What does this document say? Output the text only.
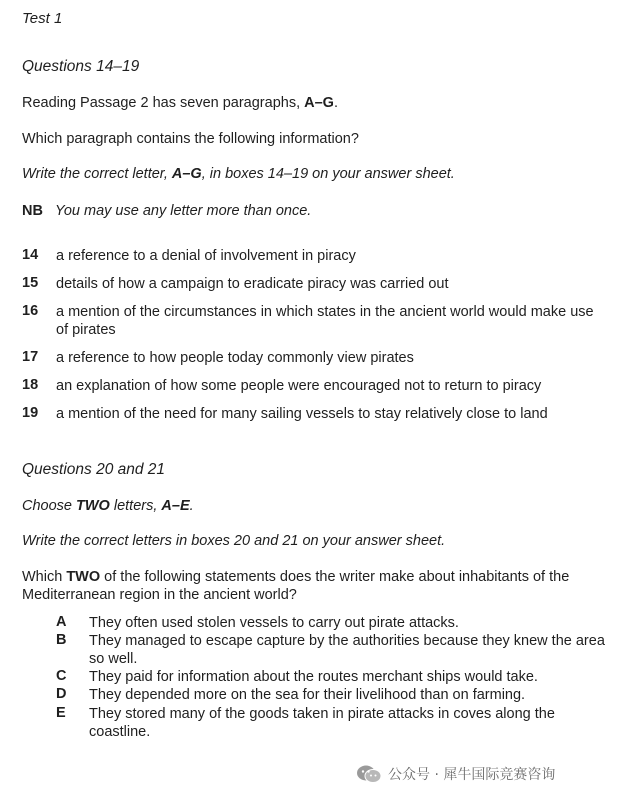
Test 1
Questions 14–19
Reading Passage 2 has seven paragraphs, A–G.
Which paragraph contains the following information?
Write the correct letter, A–G, in boxes 14–19 on your answer sheet.
NB You may use any letter more than once.
14 a reference to a denial of involvement in piracy
15 details of how a campaign to eradicate piracy was carried out
16 a mention of the circumstances in which states in the ancient world would make use of pirates
17 a reference to how people today commonly view pirates
18 an explanation of how some people were encouraged not to return to piracy
19 a mention of the need for many sailing vessels to stay relatively close to land
Questions 20 and 21
Choose TWO letters, A–E.
Write the correct letters in boxes 20 and 21 on your answer sheet.
Which TWO of the following statements does the writer make about inhabitants of the Mediterranean region in the ancient world?
A They often used stolen vessels to carry out pirate attacks.
B They managed to escape capture by the authorities because they knew the area so well.
C They paid for information about the routes merchant ships would take.
D They depended more on the sea for their livelihood than on farming.
E They stored many of the goods taken in pirate attacks in coves along the coastline.
公众号 · 犀牛国际竞赛咨询
